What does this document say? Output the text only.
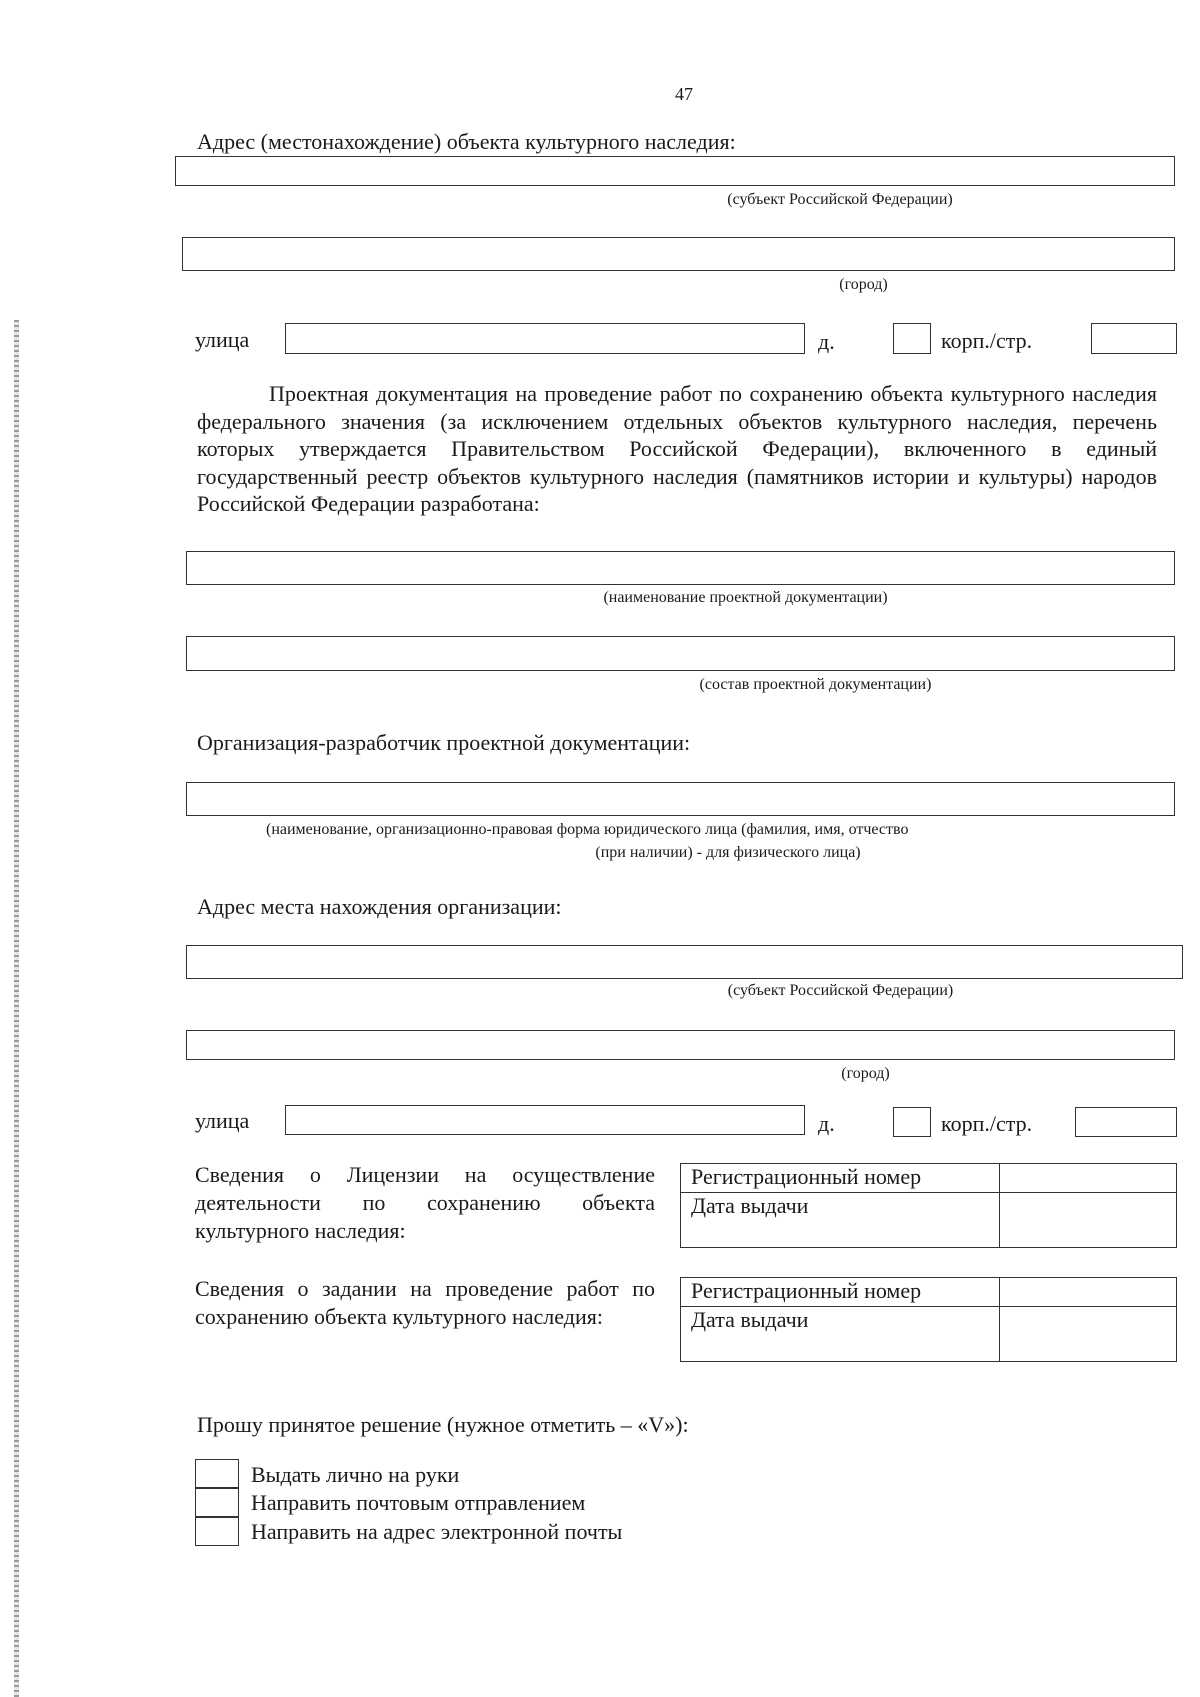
47
Адрес (местонахождение) объекта культурного наследия:
(субъект Российской Федерации)
(город)
улица	д.	корп./стр.
Проектная документация на проведение работ по сохранению объекта культурного наследия федерального значения (за исключением отдельных объектов культурного наследия, перечень которых утверждается Правительством Российской Федерации), включенного в единый государственный реестр объектов культурного наследия (памятников истории и культуры) народов Российской Федерации разработана:
(наименование проектной документации)
(состав проектной документации)
Организация-разработчик проектной документации:
(наименование, организационно-правовая форма юридического лица (фамилия, имя, отчество
(при наличии) - для физического лица)
Адрес места нахождения организации:
(субъект Российской Федерации)
(город)
улица	д.	корп./стр.
Сведения о Лицензии на осуществление деятельности по сохранению объекта культурного наследия:
Регистрационный номер	
Дата выдачи	
Сведения о задании на проведение работ по сохранению объекта культурного наследия:
Регистрационный номер	
Дата выдачи	
Прошу принятое решение (нужное отметить – «V»):
Выдать лично на руки
Направить почтовым отправлением
Направить на адрес электронной почты
